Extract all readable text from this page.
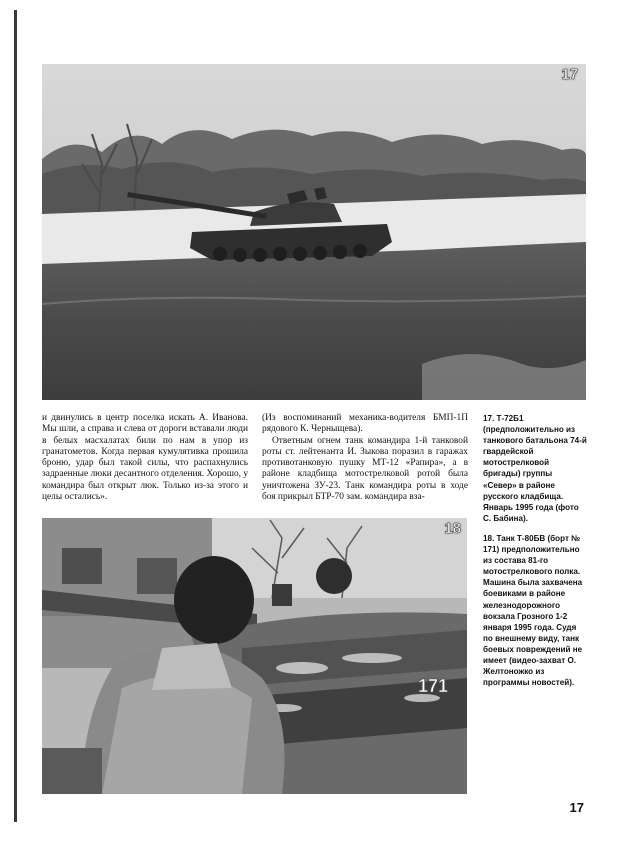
17

и двинулись в центр поселка искать А. Иванова. Мы шли, а справа и слева от дороги вставали люди в белых масхалатах били по нам в упор из гранатометов. Когда первая кумулятивка прошила броню, удар был такой силы, что распахнулись задраенные люки десантного отделения. Хорошо, у командира был открыт люк. Только из-за этого и целы остались».

(Из воспоминаний механика-водителя БМП-1П рядового К. Черныщева).

Ответным огнем танк командира 1-й танковой роты ст. лейтенанта И. Зыкова поразил в гаражах противотанковую пушку МТ-12 «Рапира», а в районе кладбища мотострелковой ротой была уничтожена ЗУ-23. Танк командира роты в ходе боя прикрыл БТР-70 зам. командира вза-

17. Т-72Б1 (предположительно из танкового батальона 74-й гвардейской мотострелковой бригады) группы «Север» в районе русского кладбища. Январь 1995 года (фото С. Бабина).

18. Танк Т-80БВ (борт № 171) предположительно из состава 81-го мотострелкового полка. Машина была захвачена боевиками в районе железнодорожного вокзала Грозного 1-2 января 1995 года. Судя по внешнему виду, танк боевых повреждений не имеет (видео-захват О. Желтоножко из программы новостей).

18
171
17
